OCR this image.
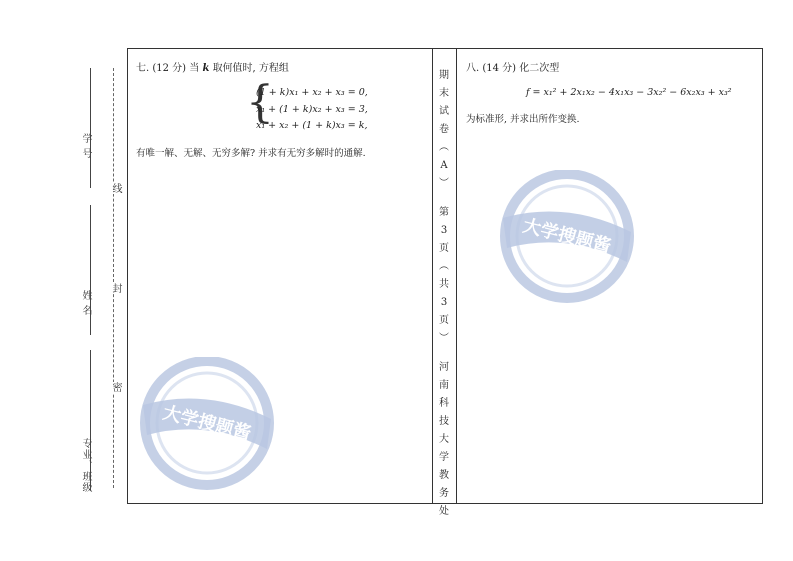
学 号
姓 名
专业、班级
线
封
密
七. (12 分) 当 k 取何值时, 方程组
{
(1 + k)x₁ + x₂ + x₃ = 0,
x₁ + (1 + k)x₂ + x₃ = 3,
x₁ + x₂ + (1 + k)x₃ = k,
有唯一解、无解、无穷多解? 并求有无穷多解时的通解.
期
末
试
卷
︵
A
︶
第
3
页
︵
共
3
页
︶
河
南
科
技
大
学
教
务
处
八. (14 分) 化二次型
f = x₁² + 2x₁x₂ − 4x₁x₃ − 3x₂² − 6x₂x₃ + x₃²
为标准形, 并求出所作变换.
大学搜题酱
大学搜题酱
